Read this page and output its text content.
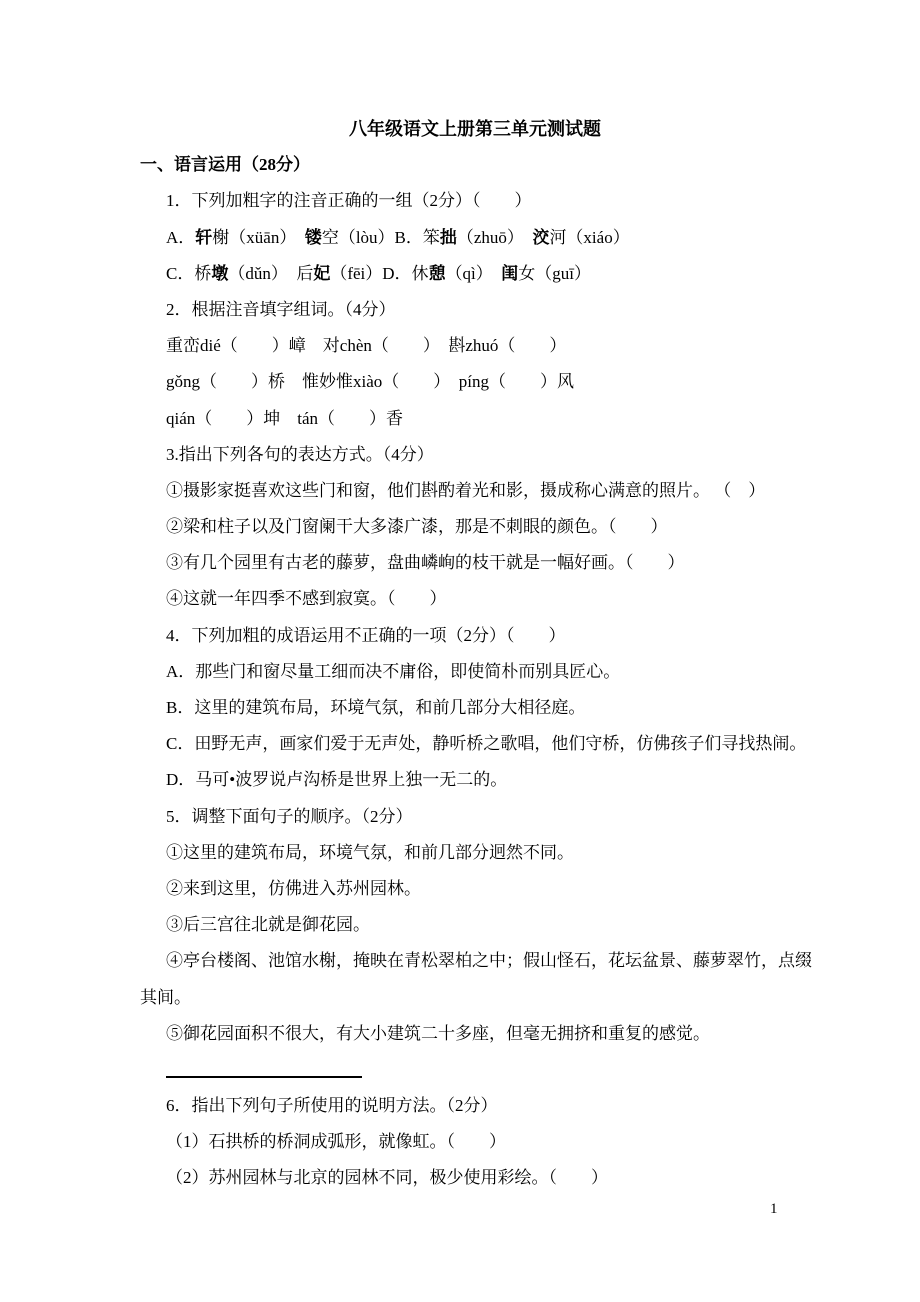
八年级语文上册第三单元测试题

一、语言运用（28分）

1．下列加粗字的注音正确的一组（2分）（　　）

A．轩榭（xüān）　镂空（lòu）B．笨拙（zhuō）　洨河（xiáo）

C．桥墩（dǔn）　后妃（fēi）D．休憩（qì）　闺女（guī）

2．根据注音填字组词。（4分）

重峦dié（　　）嶂　对chèn（　　）　斟zhuó（　　）

gǒng（　　）桥　惟妙惟xiào（　　）　píng（　　）风

qián（　　）坤　tán（　　）香

3.指出下列各句的表达方式。（4分）

①摄影家挺喜欢这些门和窗，他们斟酌着光和影，摄成称心满意的照片。 （　）

②梁和柱子以及门窗阑干大多漆广漆，那是不刺眼的颜色。（　　）

③有几个园里有古老的藤萝，盘曲嶙峋的枝干就是一幅好画。（　　）

④这就一年四季不感到寂寞。（　　）

4．下列加粗的成语运用不正确的一项（2分）（　　）

A．那些门和窗尽量工细而决不庸俗，即使简朴而别具匠心。

B．这里的建筑布局，环境气氛，和前几部分大相径庭。

C．田野无声，画家们爱于无声处，静听桥之歌唱，他们守桥，仿佛孩子们寻找热闹。

D．马可•波罗说卢沟桥是世界上独一无二的。

5．调整下面句子的顺序。（2分）

①这里的建筑布局，环境气氛，和前几部分迥然不同。

②来到这里，仿佛进入苏州园林。

③后三宫往北就是御花园。

④亭台楼阁、池馆水榭，掩映在青松翠柏之中；假山怪石，花坛盆景、藤萝翠竹，点缀其间。

⑤御花园面积不很大，有大小建筑二十多座，但毫无拥挤和重复的感觉。

6．指出下列句子所使用的说明方法。（2分）

（1）石拱桥的桥洞成弧形，就像虹。（　　）

（2）苏州园林与北京的园林不同，极少使用彩绘。（　　）

1
